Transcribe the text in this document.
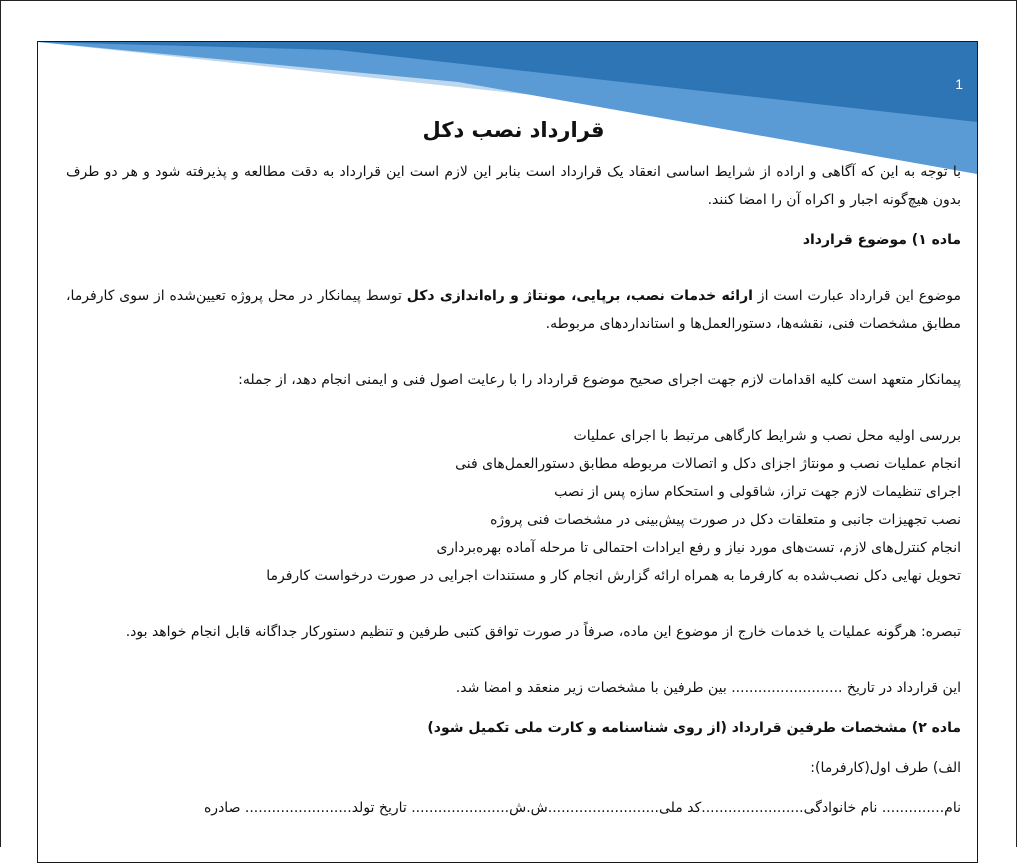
1
قرارداد نصب دکل

با توجه به این که آگاهی و اراده از شرایط اساسی انعقاد یک قرارداد است بنابر این لازم است این قرارداد به دقت مطالعه و پذیرفته شود و هر دو طرف بدون هیچ‌گونه اجبار و اکراه آن را امضا کنند.

ماده ۱) موضوع قرارداد

موضوع این قرارداد عبارت است از ارائه خدمات نصب، برپایی، مونتاژ و راه‌اندازی دکل توسط پیمانکار در محل پروژه تعیین‌شده از سوی کارفرما، مطابق مشخصات فنی، نقشه‌ها، دستورالعمل‌ها و استانداردهای مربوطه.

پیمانکار متعهد است کلیه اقدامات لازم جهت اجرای صحیح موضوع قرارداد را با رعایت اصول فنی و ایمنی انجام دهد، از جمله:

بررسی اولیه محل نصب و شرایط کارگاهی مرتبط با اجرای عملیات
انجام عملیات نصب و مونتاژ اجزای دکل و اتصالات مربوطه مطابق دستورالعمل‌های فنی
اجرای تنظیمات لازم جهت تراز، شاقولی و استحکام سازه پس از نصب
نصب تجهیزات جانبی و متعلقات دکل در صورت پیش‌بینی در مشخصات فنی پروژه
انجام کنترل‌های لازم، تست‌های مورد نیاز و رفع ایرادات احتمالی تا مرحله آماده بهره‌برداری
تحویل نهایی دکل نصب‌شده به کارفرما به همراه ارائه گزارش انجام کار و مستندات اجرایی در صورت درخواست کارفرما

تبصره: هرگونه عملیات یا خدمات خارج از موضوع این ماده، صرفاً در صورت توافق کتبی طرفین و تنظیم دستورکار جداگانه قابل انجام خواهد بود.

این قرارداد در تاریخ ......................... بین طرفین با مشخصات زیر منعقد و امضا شد.

ماده ۲) مشخصات طرفین قرارداد (از روی شناسنامه و کارت ملی تکمیل شود)

الف) طرف اول(کارفرما):

نام.............. نام خانوادگی.......................کد ملی.........................ش.ش...................... تاریخ تولد........................ صادره
